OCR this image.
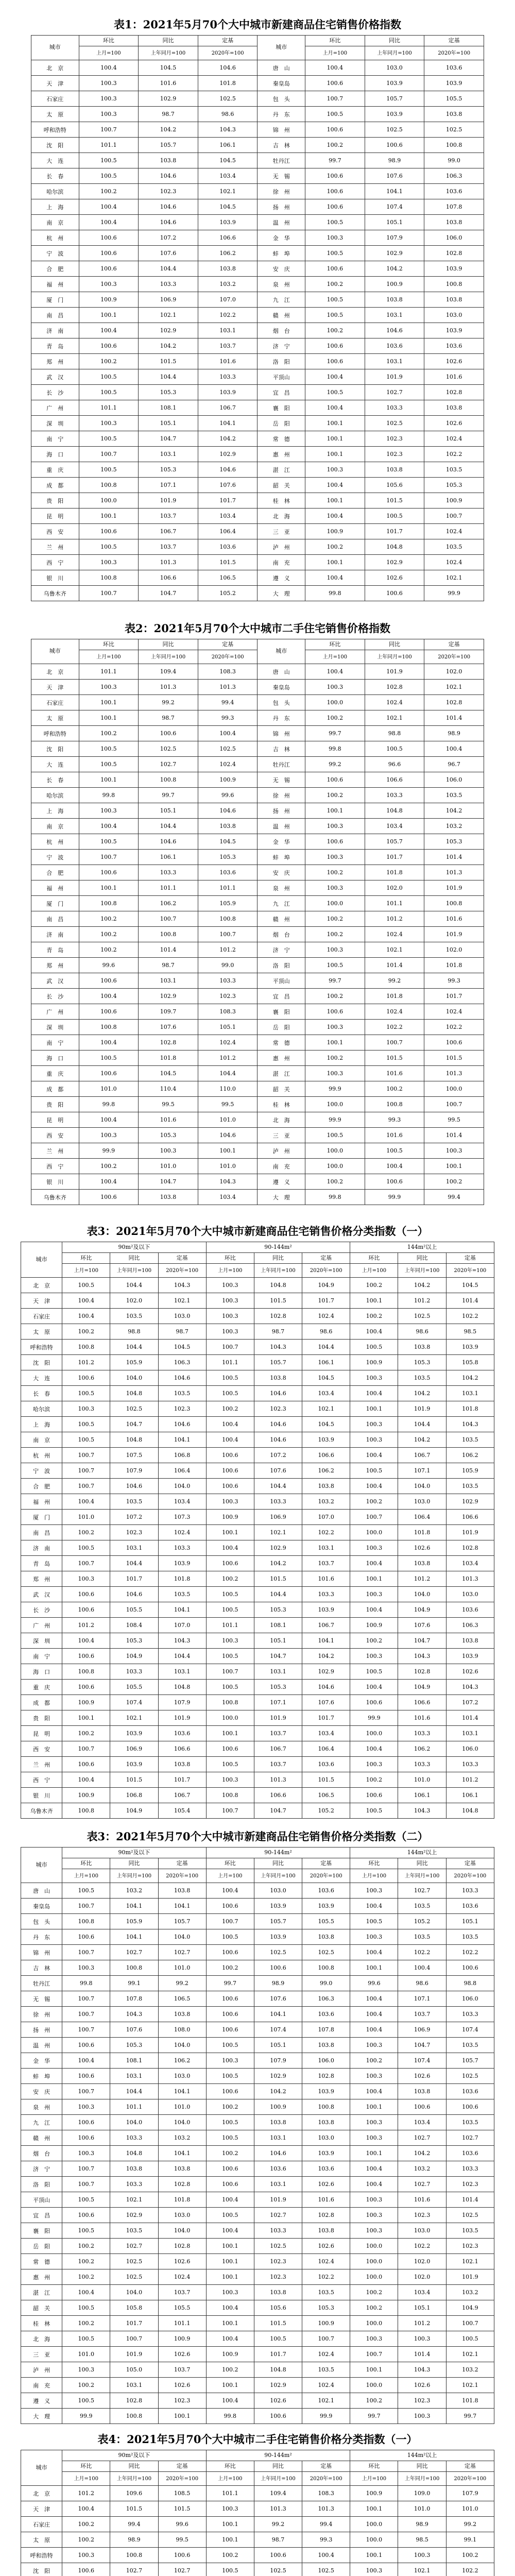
表1：2021年5月70个大中城市新建商品住宅销售价格指数
城市	环比	同比	定基	城市	环比	同比	定基
	上月=100	上年同月=100	2020年=100		上月=100	上年同月=100	2020年=100
北　京	100.4	104.5	104.6	唐　山	100.4	103.0	103.6
天　津	100.3	101.6	101.8	秦皇岛	100.6	103.9	103.9
石家庄	100.3	102.9	102.5	包　头	100.7	105.7	105.5
太　原	100.3	98.7	98.6	丹　东	100.5	103.9	103.8
呼和浩特	100.7	104.2	104.3	锦　州	100.6	102.5	102.5
沈　阳	101.1	105.7	106.1	吉　林	100.2	100.6	100.8
大　连	100.5	103.8	104.5	牡丹江	99.7	98.9	99.0
长　春	100.5	104.6	103.4	无　锡	100.6	107.6	106.3
哈尔滨	100.2	102.3	102.1	徐　州	100.6	104.1	103.6
上　海	100.4	104.6	104.5	扬　州	100.6	107.4	107.8
南　京	100.4	104.6	103.9	温　州	100.5	105.1	103.8
杭　州	100.6	107.2	106.6	金　华	100.3	107.9	106.0
宁　波	100.6	107.6	106.2	蚌　埠	100.5	102.9	102.8
合　肥	100.6	104.4	103.8	安　庆	100.6	104.2	103.9
福　州	100.3	103.3	103.2	泉　州	100.2	100.9	100.8
厦　门	100.9	106.9	107.0	九　江	100.5	103.8	103.8
南　昌	100.1	102.1	102.2	赣　州	100.5	103.1	103.0
济　南	100.4	102.9	103.1	烟　台	100.2	104.6	103.9
青　岛	100.6	104.2	103.7	济　宁	100.6	103.6	103.6
郑　州	100.2	101.5	101.6	洛　阳	100.6	103.1	102.6
武　汉	100.5	104.4	103.3	平顶山	100.4	101.9	101.6
长　沙	100.5	105.3	103.9	宜　昌	100.5	102.7	102.8
广　州	101.1	108.1	106.7	襄　阳	100.4	103.3	103.8
深　圳	100.3	105.1	104.1	岳　阳	100.1	102.5	102.6
南　宁	100.5	104.7	104.2	常　德	100.1	102.3	102.4
海　口	100.7	103.1	102.9	惠　州	100.1	102.3	102.2
重　庆	100.5	105.3	104.6	湛　江	100.3	103.8	103.5
成　都	100.8	107.1	107.6	韶　关	100.4	105.6	105.3
贵　阳	100.0	101.9	101.7	桂　林	100.1	101.5	100.9
昆　明	100.1	103.7	103.4	北　海	100.4	100.5	100.7
西　安	100.6	106.7	106.4	三　亚	100.9	101.7	102.4
兰　州	100.5	103.7	103.6	泸　州	100.2	104.8	103.5
西　宁	100.3	101.3	101.5	南　充	100.1	102.9	102.4
银　川	100.8	106.6	106.5	遵　义	100.4	102.6	102.1
乌鲁木齐	100.7	104.7	105.2	大　理	99.8	100.6	99.9
表2：2021年5月70个大中城市二手住宅销售价格指数
城市	环比	同比	定基	城市	环比	同比	定基
	上月=100	上年同月=100	2020年=100		上月=100	上年同月=100	2020年=100
北　京	101.1	109.4	108.3	唐　山	100.4	101.9	102.0
天　津	100.3	101.3	101.3	秦皇岛	100.3	102.8	102.1
石家庄	100.1	99.2	99.4	包　头	100.0	102.4	102.8
太　原	100.1	98.7	99.3	丹　东	100.2	102.1	101.4
呼和浩特	100.2	100.6	100.4	锦　州	99.7	98.8	98.9
沈　阳	100.5	102.5	102.5	吉　林	99.8	100.5	100.4
大　连	100.5	102.7	102.4	牡丹江	99.2	96.6	96.7
长　春	100.1	100.8	100.9	无　锡	100.6	106.6	106.0
哈尔滨	99.8	99.7	99.6	徐　州	100.2	103.3	103.5
上　海	100.3	105.1	104.6	扬　州	100.1	104.8	104.2
南　京	100.4	104.4	103.8	温　州	100.3	103.4	103.2
杭　州	100.5	104.6	104.5	金　华	100.6	105.7	105.3
宁　波	100.7	106.1	105.3	蚌　埠	100.3	101.7	101.4
合　肥	100.6	103.3	103.6	安　庆	100.2	101.8	101.3
福　州	100.1	101.1	101.1	泉　州	100.3	102.0	101.9
厦　门	100.8	106.2	105.9	九　江	100.0	101.1	100.8
南　昌	100.2	100.7	100.8	赣　州	100.2	101.2	101.6
济　南	100.2	100.8	100.7	烟　台	100.2	102.4	101.9
青　岛	100.2	101.4	101.2	济　宁	100.3	102.1	102.0
郑　州	99.6	98.7	99.0	洛　阳	100.5	101.4	101.8
武　汉	100.6	103.1	103.3	平顶山	99.7	99.2	99.3
长　沙	100.4	102.9	102.3	宜　昌	100.2	101.8	101.7
广　州	100.6	109.7	108.3	襄　阳	100.6	102.4	102.4
深　圳	100.8	107.6	105.1	岳　阳	100.3	102.2	102.2
南　宁	100.4	102.8	102.4	常　德	100.1	100.7	100.6
海　口	100.5	101.8	101.2	惠　州	100.2	101.5	101.5
重　庆	100.6	104.5	104.4	湛　江	100.3	101.6	101.3
成　都	101.0	110.4	110.0	韶　关	99.9	100.2	100.0
贵　阳	99.8	99.5	99.5	桂　林	100.0	100.8	100.7
昆　明	100.4	101.6	101.0	北　海	99.9	99.3	99.5
西　安	100.3	105.3	104.6	三　亚	100.5	101.6	101.4
兰　州	99.9	100.3	100.1	泸　州	100.0	100.5	100.3
西　宁	100.2	101.0	101.0	南　充	100.0	100.4	100.1
银　川	100.4	104.7	104.3	遵　义	100.2	100.6	100.2
乌鲁木齐	100.6	103.8	103.4	大　理	99.8	99.9	99.4
表3：2021年5月70个大中城市新建商品住宅销售价格分类指数（一）
城市	90m²及以下			90-144m²			144m²以上		
	环比	同比	定基	环比	同比	定基	环比	同比	定基
	上月=100	上年同月=100	2020年=100	上月=100	上年同月=100	2020年=100	上月=100	上年同月=100	2020年=100
北　京	100.5	104.4	104.3	100.3	104.8	104.9	100.2	104.2	104.5
天　津	100.4	102.0	102.1	100.3	101.5	101.7	100.1	101.2	101.4
石家庄	100.4	103.5	103.0	100.3	102.8	102.4	100.2	102.5	102.2
太　原	100.2	98.8	98.7	100.3	98.7	98.6	100.4	98.6	98.5
呼和浩特	100.8	104.4	104.5	100.7	104.3	104.4	100.5	103.8	103.9
沈　阳	101.2	105.9	106.3	101.1	105.7	106.1	100.9	105.3	105.8
大　连	100.6	104.0	104.6	100.5	103.8	104.5	100.3	103.5	104.2
长　春	100.5	104.8	103.5	100.5	104.6	103.4	100.4	104.2	103.1
哈尔滨	100.3	102.5	102.3	100.2	102.3	102.1	100.1	101.9	101.8
上　海	100.5	104.7	104.6	100.4	104.6	104.5	100.3	104.4	104.3
南　京	100.5	104.8	104.1	100.4	104.6	103.9	100.3	104.2	103.5
杭　州	100.7	107.5	106.8	100.6	107.2	106.6	100.4	106.7	106.2
宁　波	100.7	107.9	106.4	100.6	107.6	106.2	100.5	107.1	105.9
合　肥	100.7	104.6	104.0	100.6	104.4	103.8	100.4	104.0	103.5
福　州	100.4	103.5	103.4	100.3	103.3	103.2	100.2	103.0	102.9
厦　门	101.0	107.2	107.3	100.9	106.9	107.0	100.7	106.4	106.6
南　昌	100.2	102.3	102.4	100.1	102.1	102.2	100.0	101.8	101.9
济　南	100.5	103.1	103.3	100.4	102.9	103.1	100.3	102.6	102.8
青　岛	100.7	104.4	103.9	100.6	104.2	103.7	100.4	103.8	103.4
郑　州	100.3	101.7	101.8	100.2	101.5	101.6	100.1	101.2	101.3
武　汉	100.6	104.6	103.5	100.5	104.4	103.3	100.3	104.0	103.0
长　沙	100.6	105.5	104.1	100.5	105.3	103.9	100.4	104.9	103.6
广　州	101.2	108.4	107.0	101.1	108.1	106.7	100.9	107.6	106.3
深　圳	100.4	105.3	104.3	100.3	105.1	104.1	100.2	104.7	103.8
南　宁	100.6	104.9	104.4	100.5	104.7	104.2	100.3	104.3	103.9
海　口	100.8	103.3	103.1	100.7	103.1	102.9	100.5	102.8	102.6
重　庆	100.6	105.5	104.8	100.5	105.3	104.6	100.4	104.9	104.3
成　都	100.9	107.4	107.9	100.8	107.1	107.6	100.6	106.6	107.2
贵　阳	100.1	102.1	101.9	100.0	101.9	101.7	99.9	101.6	101.4
昆　明	100.2	103.9	103.6	100.1	103.7	103.4	100.0	103.3	103.1
西　安	100.7	106.9	106.6	100.6	106.7	106.4	100.4	106.2	106.0
兰　州	100.6	103.9	103.8	100.5	103.7	103.6	100.3	103.3	103.3
西　宁	100.4	101.5	101.7	100.3	101.3	101.5	100.2	101.0	101.2
银　川	100.9	106.8	106.7	100.8	106.6	106.5	100.6	106.1	106.1
乌鲁木齐	100.8	104.9	105.4	100.7	104.7	105.2	100.5	104.3	104.8
表3：2021年5月70个大中城市新建商品住宅销售价格分类指数（二）
城市	90m²及以下			90-144m²			144m²以上		
	环比	同比	定基	环比	同比	定基	环比	同比	定基
	上月=100	上年同月=100	2020年=100	上月=100	上年同月=100	2020年=100	上月=100	上年同月=100	2020年=100
唐　山	100.5	103.2	103.8	100.4	103.0	103.6	100.3	102.7	103.3
秦皇岛	100.7	104.1	104.1	100.6	103.9	103.9	100.4	103.5	103.6
包　头	100.8	105.9	105.7	100.7	105.7	105.5	100.5	105.2	105.1
丹　东	100.6	104.1	104.0	100.5	103.9	103.8	100.3	103.5	103.5
锦　州	100.7	102.7	102.7	100.6	102.5	102.5	100.4	102.2	102.2
吉　林	100.3	100.8	101.0	100.2	100.6	100.8	100.1	100.4	100.6
牡丹江	99.8	99.1	99.2	99.7	98.9	99.0	99.6	98.6	98.8
无　锡	100.7	107.8	106.5	100.6	107.6	106.3	100.4	107.1	106.0
徐　州	100.7	104.3	103.8	100.6	104.1	103.6	100.4	103.7	103.3
扬　州	100.7	107.6	108.0	100.6	107.4	107.8	100.4	106.9	107.4
温　州	100.6	105.3	104.0	100.5	105.1	103.8	100.3	104.7	103.5
金　华	100.4	108.1	106.2	100.3	107.9	106.0	100.2	107.4	105.7
蚌　埠	100.6	103.1	103.0	100.5	102.9	102.8	100.3	102.6	102.5
安　庆	100.7	104.4	104.1	100.6	104.2	103.9	100.4	103.8	103.6
泉　州	100.3	101.1	101.0	100.2	100.9	100.8	100.1	100.6	100.6
九　江	100.6	104.0	104.0	100.5	103.8	103.8	100.3	103.4	103.5
赣　州	100.6	103.3	103.2	100.5	103.1	103.0	100.3	102.7	102.7
烟　台	100.3	104.8	104.1	100.2	104.6	103.9	100.1	104.2	103.6
济　宁	100.7	103.8	103.8	100.6	103.6	103.6	100.4	103.2	103.3
洛　阳	100.7	103.3	102.8	100.6	103.1	102.6	100.4	102.7	102.3
平顶山	100.5	102.1	101.8	100.4	101.9	101.6	100.3	101.6	101.4
宜　昌	100.6	102.9	103.0	100.5	102.7	102.8	100.3	102.3	102.5
襄　阳	100.5	103.5	104.0	100.4	103.3	103.8	100.3	103.0	103.5
岳　阳	100.2	102.7	102.8	100.1	102.5	102.6	100.0	102.2	102.3
常　德	100.2	102.5	102.6	100.1	102.3	102.4	100.0	102.0	102.1
惠　州	100.2	102.5	102.4	100.1	102.3	102.2	100.0	102.0	101.9
湛　江	100.4	104.0	103.7	100.3	103.8	103.5	100.2	103.4	103.2
韶　关	100.5	105.8	105.5	100.4	105.6	105.3	100.2	105.1	104.9
桂　林	100.2	101.7	101.1	100.1	101.5	100.9	100.0	101.2	100.7
北　海	100.5	100.7	100.9	100.4	100.5	100.7	100.3	100.3	100.5
三　亚	101.0	101.9	102.6	100.9	101.7	102.4	100.7	101.4	102.1
泸　州	100.3	105.0	103.7	100.2	104.8	103.5	100.1	104.3	103.2
南　充	100.2	103.1	102.6	100.1	102.9	102.4	100.0	102.6	102.1
遵　义	100.5	102.8	102.3	100.4	102.6	102.1	100.2	102.3	101.8
大　理	99.9	100.8	100.1	99.8	100.6	99.9	99.7	100.3	99.7
表4：2021年5月70个大中城市二手住宅销售价格分类指数（一）
城市	90m²及以下			90-144m²			144m²以上		
	环比	同比	定基	环比	同比	定基	环比	同比	定基
	上月=100	上年同月=100	2020年=100	上月=100	上年同月=100	2020年=100	上月=100	上年同月=100	2020年=100
北　京	101.2	109.6	108.5	101.1	109.4	108.3	100.9	109.0	107.9
天　津	100.4	101.5	101.5	100.3	101.3	101.3	100.1	101.0	101.0
石家庄	100.2	99.4	99.6	100.1	99.2	99.4	100.0	98.9	99.2
太　原	100.2	98.9	99.5	100.1	98.7	99.3	100.0	98.5	99.1
呼和浩特	100.3	100.8	100.6	100.2	100.6	100.4	100.1	100.3	100.2
沈　阳	100.6	102.7	102.7	100.5	102.5	102.5	100.3	102.1	102.2
